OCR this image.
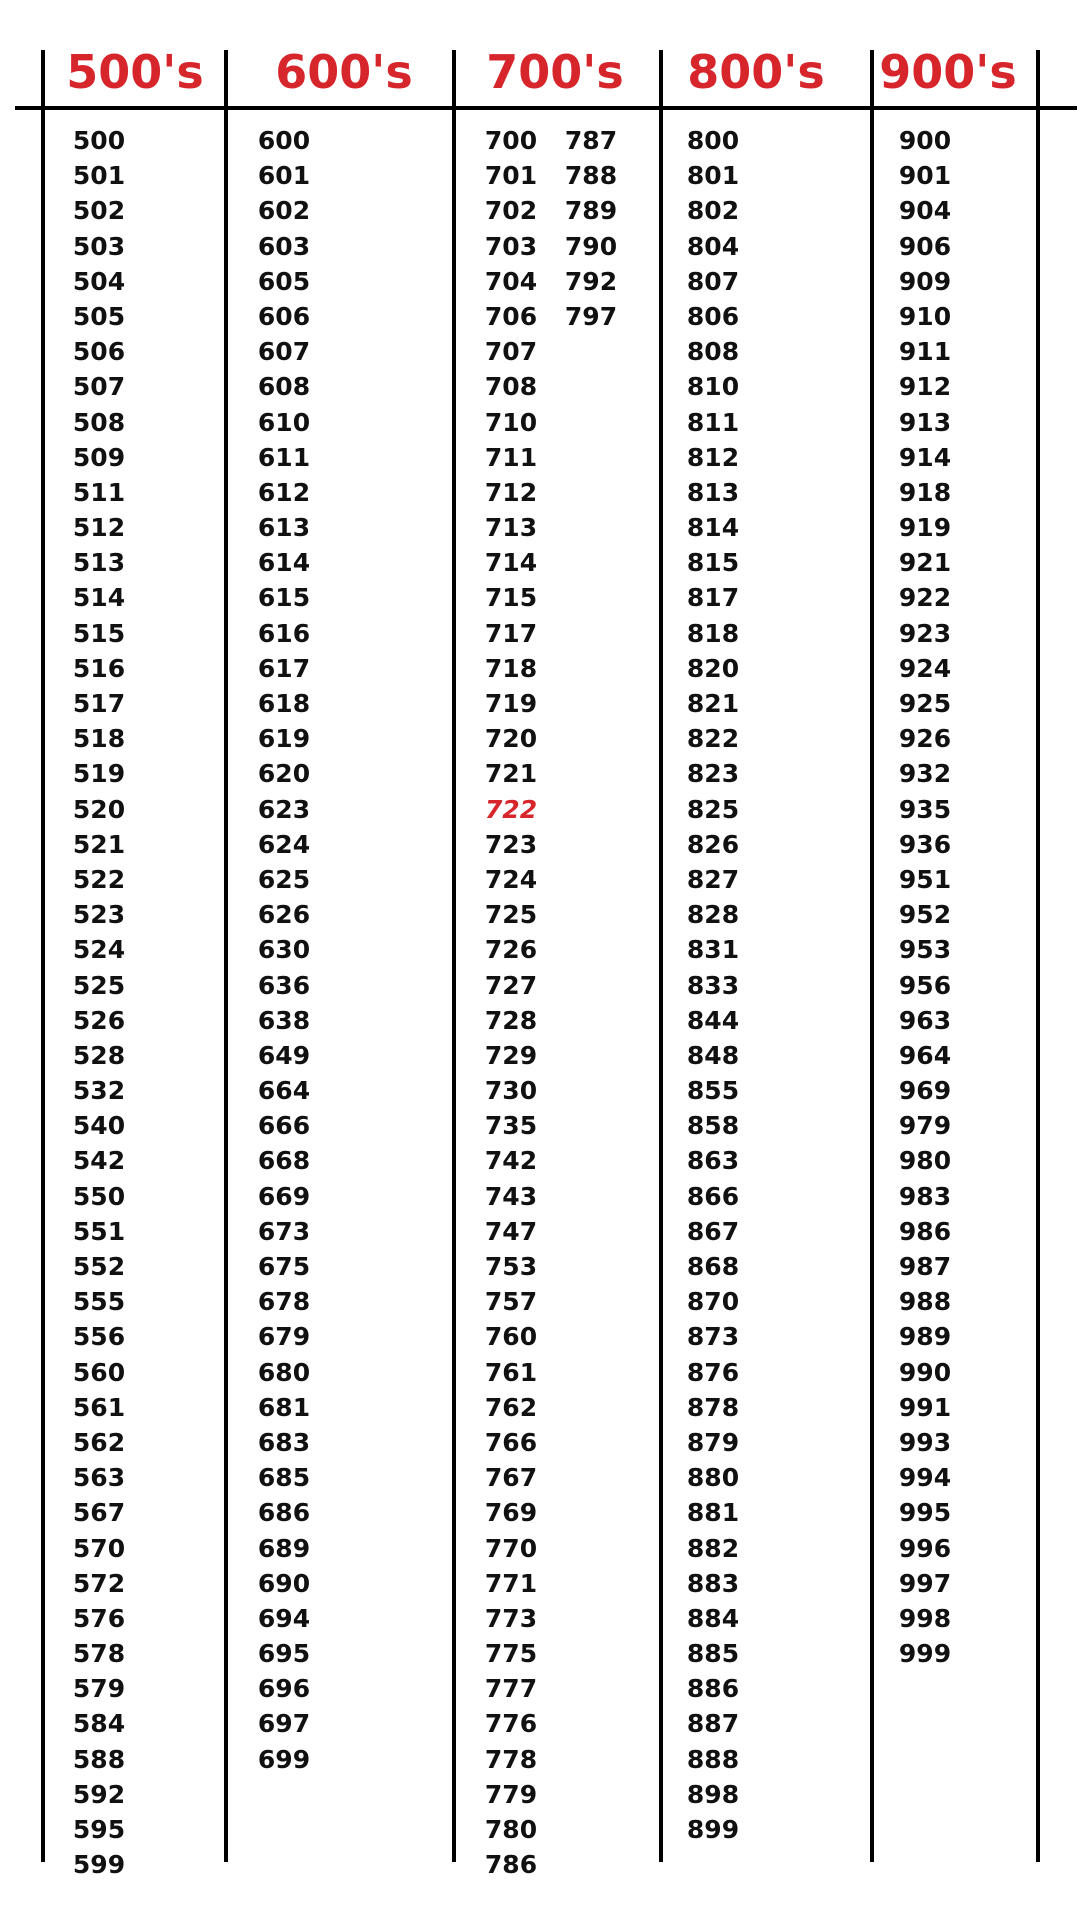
500's 600's 700's 800's 900's
500
501
502
503
504
505
506
507
508
509
511
512
513
514
515
516
517
518
519
520
521
522
523
524
525
526
528
532
540
542
550
551
552
555
556
560
561
562
563
567
570
572
576
578
579
584
588
592
595
599
600
601
602
603
605
606
607
608
610
611
612
613
614
615
616
617
618
619
620
623
624
625
626
630
636
638
649
664
666
668
669
673
675
678
679
680
681
683
685
686
689
690
694
695
696
697
699
700
701
702
703
704
706
707
708
710
711
712
713
714
715
717
718
719
720
721
722
723
724
725
726
727
728
729
730
735
742
743
747
753
757
760
761
762
766
767
769
770
771
773
775
777
776
778
779
780
786
787
788
789
790
792
797
800
801
802
804
807
806
808
810
811
812
813
814
815
817
818
820
821
822
823
825
826
827
828
831
833
844
848
855
858
863
866
867
868
870
873
876
878
879
880
881
882
883
884
885
886
887
888
898
899
900
901
904
906
909
910
911
912
913
914
918
919
921
922
923
924
925
926
932
935
936
951
952
953
956
963
964
969
979
980
983
986
987
988
989
990
991
993
994
995
996
997
998
999
